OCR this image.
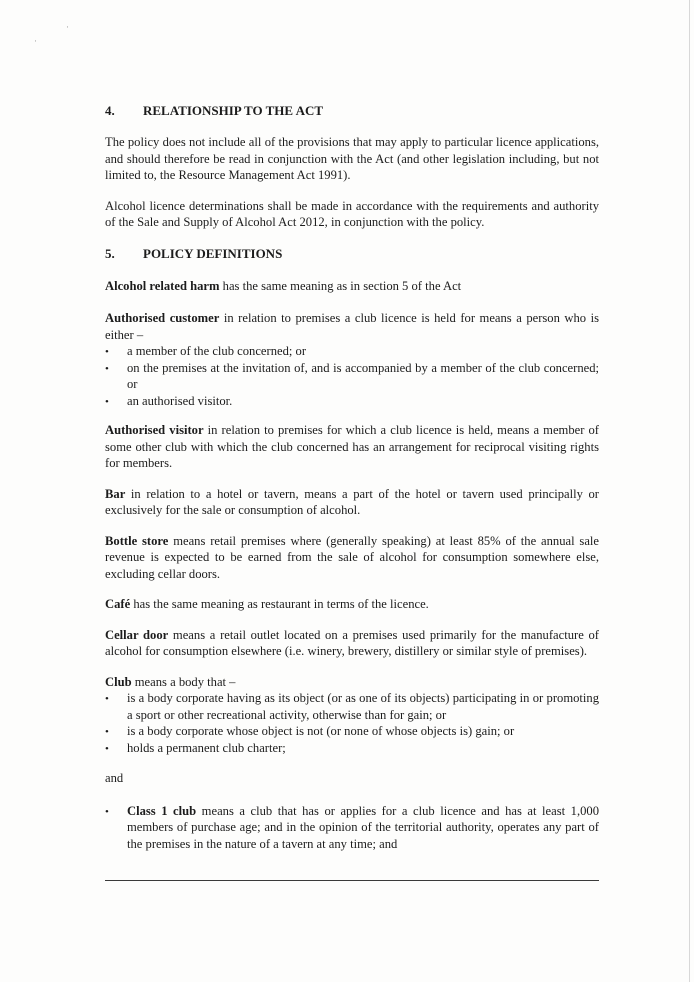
·
·
4.	RELATIONSHIP TO THE ACT

The policy does not include all of the provisions that may apply to particular licence applications, and should therefore be read in conjunction with the Act (and other legislation including, but not limited to, the Resource Management Act 1991).

Alcohol licence determinations shall be made in accordance with the requirements and authority of the Sale and Supply of Alcohol Act 2012, in conjunction with the policy.

5.	POLICY DEFINITIONS

Alcohol related harm has the same meaning as in section 5 of the Act

Authorised customer in relation to premises a club licence is held for means a person who is either –

• a member of the club concerned; or
• on the premises at the invitation of, and is accompanied by a member of the club concerned; or
• an authorised visitor.

Authorised visitor in relation to premises for which a club licence is held, means a member of some other club with which the club concerned has an arrangement for reciprocal visiting rights for members.

Bar in relation to a hotel or tavern, means a part of the hotel or tavern used principally or exclusively for the sale or consumption of alcohol.

Bottle store means retail premises where (generally speaking) at least 85% of the annual sale revenue is expected to be earned from the sale of alcohol for consumption somewhere else, excluding cellar doors.

Café has the same meaning as restaurant in terms of the licence.

Cellar door means a retail outlet located on a premises used primarily for the manufacture of alcohol for consumption elsewhere (i.e. winery, brewery, distillery or similar style of premises).

Club means a body that –

• is a body corporate having as its object (or as one of its objects) participating in or promoting a sport or other recreational activity, otherwise than for gain; or
• is a body corporate whose object is not (or none of whose objects is) gain; or
• holds a permanent club charter;

and

• Class 1 club means a club that has or applies for a club licence and has at least 1,000 members of purchase age; and in the opinion of the territorial authority, operates any part of the premises in the nature of a tavern at any time; and
